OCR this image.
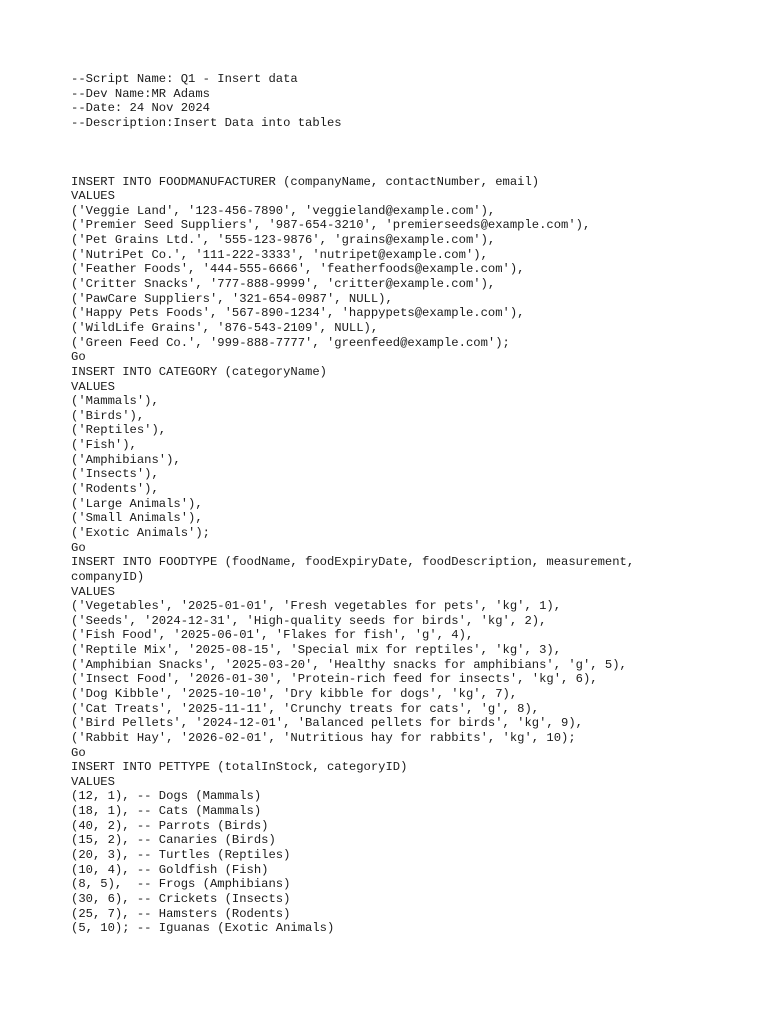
--Script Name: Q1 - Insert data
--Dev Name:MR Adams
--Date: 24 Nov 2024
--Description:Insert Data into tables
INSERT INTO FOODMANUFACTURER (companyName, contactNumber, email)
VALUES
('Veggie Land', '123-456-7890', 'veggieland@example.com'),
('Premier Seed Suppliers', '987-654-3210', 'premierseeds@example.com'),
('Pet Grains Ltd.', '555-123-9876', 'grains@example.com'),
('NutriPet Co.', '111-222-3333', 'nutripet@example.com'),
('Feather Foods', '444-555-6666', 'featherfoods@example.com'),
('Critter Snacks', '777-888-9999', 'critter@example.com'),
('PawCare Suppliers', '321-654-0987', NULL),
('Happy Pets Foods', '567-890-1234', 'happypets@example.com'),
('WildLife Grains', '876-543-2109', NULL),
('Green Feed Co.', '999-888-7777', 'greenfeed@example.com');
Go
INSERT INTO CATEGORY (categoryName)
VALUES
('Mammals'),
('Birds'),
('Reptiles'),
('Fish'),
('Amphibians'),
('Insects'),
('Rodents'),
('Large Animals'),
('Small Animals'),
('Exotic Animals');
Go
INSERT INTO FOODTYPE (foodName, foodExpiryDate, foodDescription, measurement,
companyID)
VALUES
('Vegetables', '2025-01-01', 'Fresh vegetables for pets', 'kg', 1),
('Seeds', '2024-12-31', 'High-quality seeds for birds', 'kg', 2),
('Fish Food', '2025-06-01', 'Flakes for fish', 'g', 4),
('Reptile Mix', '2025-08-15', 'Special mix for reptiles', 'kg', 3),
('Amphibian Snacks', '2025-03-20', 'Healthy snacks for amphibians', 'g', 5),
('Insect Food', '2026-01-30', 'Protein-rich feed for insects', 'kg', 6),
('Dog Kibble', '2025-10-10', 'Dry kibble for dogs', 'kg', 7),
('Cat Treats', '2025-11-11', 'Crunchy treats for cats', 'g', 8),
('Bird Pellets', '2024-12-01', 'Balanced pellets for birds', 'kg', 9),
('Rabbit Hay', '2026-02-01', 'Nutritious hay for rabbits', 'kg', 10);
Go
INSERT INTO PETTYPE (totalInStock, categoryID)
VALUES
(12, 1), -- Dogs (Mammals)
(18, 1), -- Cats (Mammals)
(40, 2), -- Parrots (Birds)
(15, 2), -- Canaries (Birds)
(20, 3), -- Turtles (Reptiles)
(10, 4), -- Goldfish (Fish)
(8, 5),  -- Frogs (Amphibians)
(30, 6), -- Crickets (Insects)
(25, 7), -- Hamsters (Rodents)
(5, 10); -- Iguanas (Exotic Animals)
